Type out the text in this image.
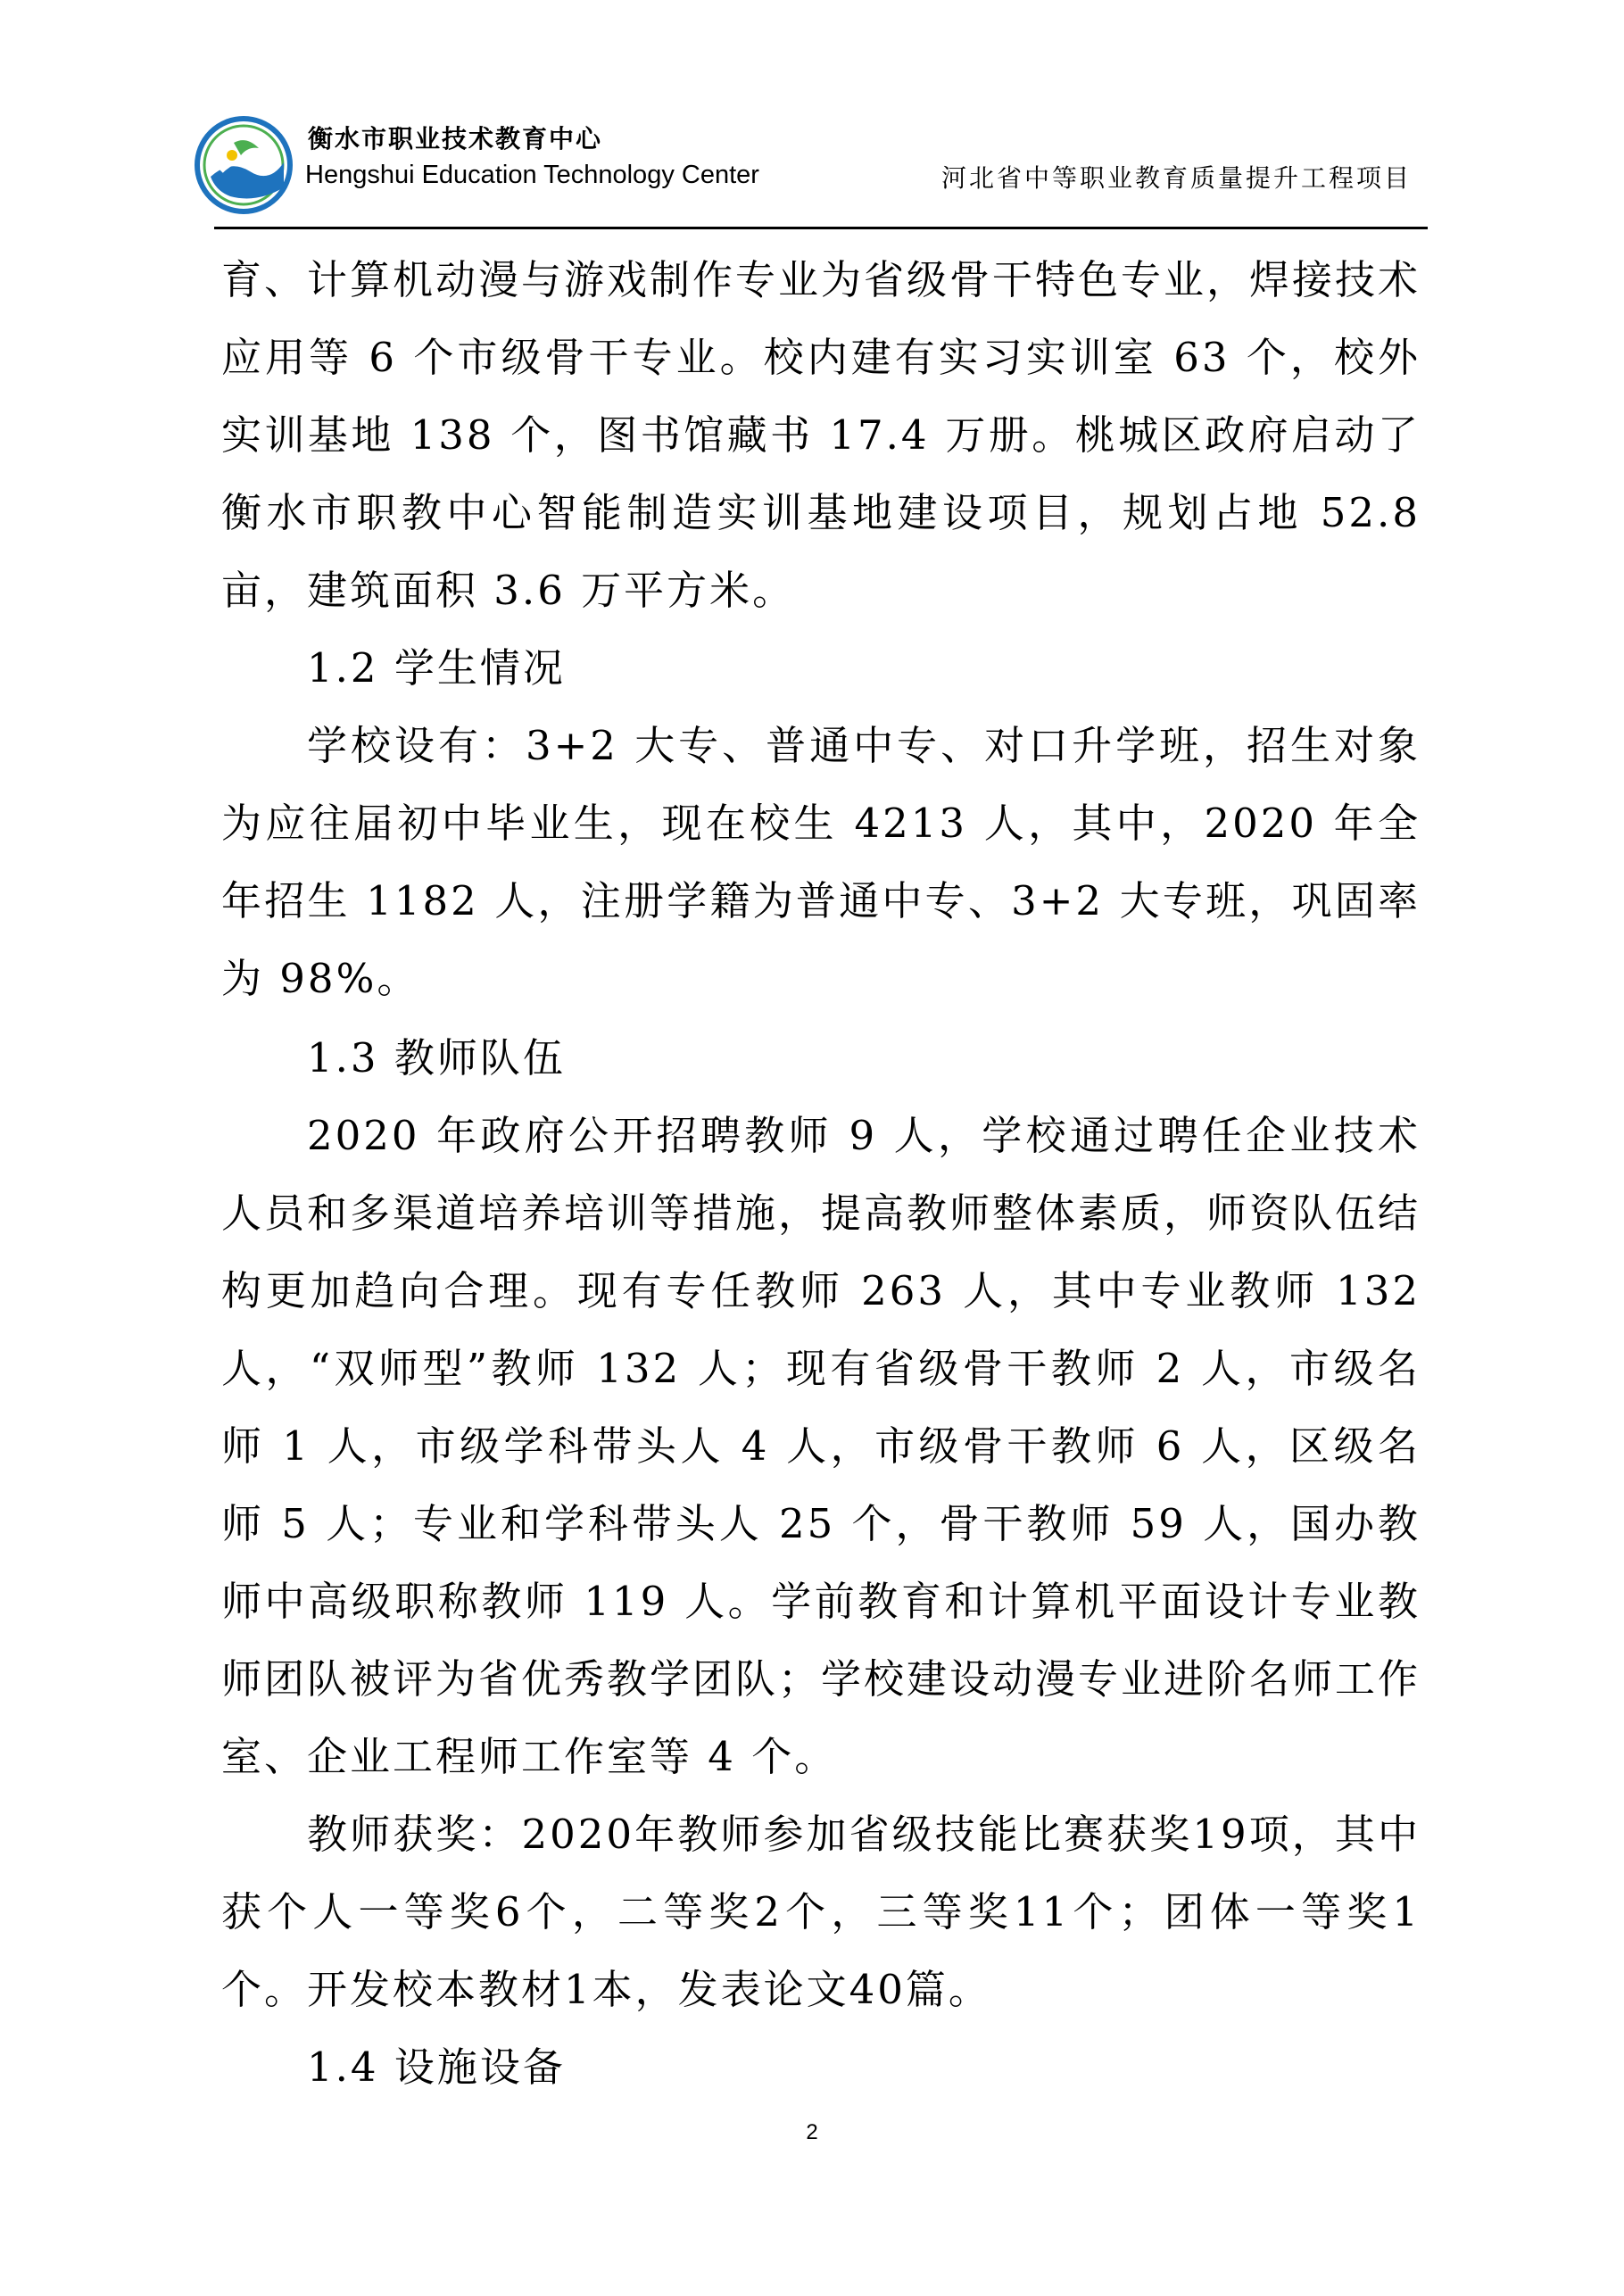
衡水市职业技术教育中心
Hengshui Education Technology Center	河北省中等职业教育质量提升工程项目

育、计算机动漫与游戏制作专业为省级骨干特色专业，焊接技术应用等 6 个市级骨干专业。校内建有实习实训室 63 个，校外实训基地 138 个，图书馆藏书 17.4 万册。桃城区政府启动了衡水市职教中心智能制造实训基地建设项目，规划占地 52.8 亩，建筑面积 3.6 万平方米。

1.2 学生情况

学校设有：3+2 大专、普通中专、对口升学班，招生对象为应往届初中毕业生，现在校生 4213 人，其中，2020 年全年招生 1182 人，注册学籍为普通中专、3+2 大专班，巩固率为 98%。

1.3 教师队伍

2020 年政府公开招聘教师 9 人，学校通过聘任企业技术人员和多渠道培养培训等措施，提高教师整体素质，师资队伍结构更加趋向合理。现有专任教师 263 人，其中专业教师 132 人，“双师型”教师 132 人；现有省级骨干教师 2 人，市级名师 1 人，市级学科带头人 4 人，市级骨干教师 6 人，区级名师 5 人；专业和学科带头人 25 个，骨干教师 59 人，国办教师中高级职称教师 119 人。学前教育和计算机平面设计专业教师团队被评为省优秀教学团队；学校建设动漫专业进阶名师工作室、企业工程师工作室等 4 个。

教师获奖：2020年教师参加省级技能比赛获奖19项，其中获个人一等奖6个，二等奖2个，三等奖11个；团体一等奖1个。开发校本教材1本，发表论文40篇。

1.4 设施设备

2
